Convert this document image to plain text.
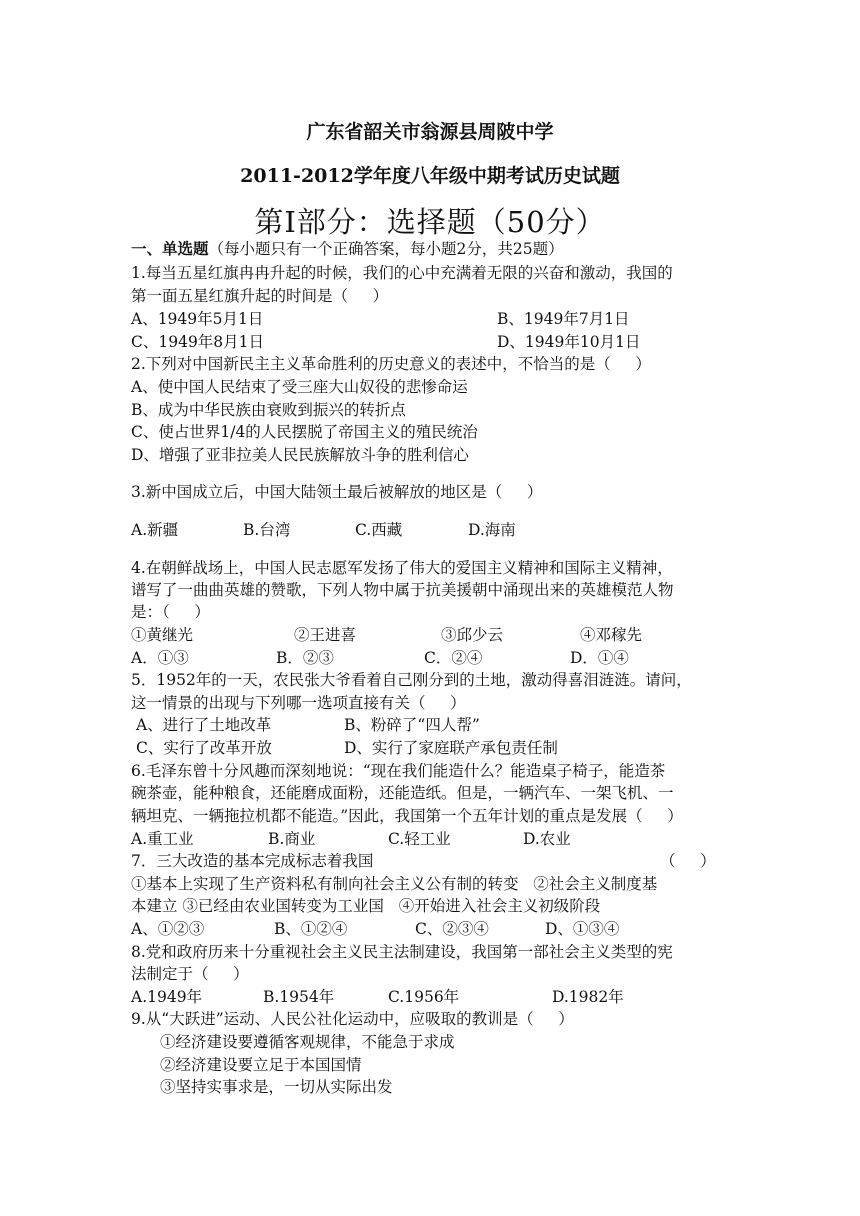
广东省韶关市翁源县周陂中学
2011-2012学年度八年级中期考试历史试题
第Ⅰ部分：选择题（50分）
一、单选题（每小题只有一个正确答案，每小题2分，共25题）
1.每当五星红旗冉冉升起的时候，我们的心中充满着无限的兴奋和激动，我国的
第一面五星红旗升起的时间是（     ）
A、1949年5月1日	B、1949年7月1日
C、1949年8月1日	D、1949年10月1日
2.下列对中国新民主主义革命胜利的历史意义的表述中，不恰当的是（     ）
A、使中国人民结束了受三座大山奴役的悲惨命运
B、成为中华民族由衰败到振兴的转折点
C、使占世界1/4的人民摆脱了帝国主义的殖民统治
D、增强了亚非拉美人民民族解放斗争的胜利信心
3.新中国成立后，中国大陆领土最后被解放的地区是（     ）
A.新疆	B.台湾	C.西藏	D.海南
4.在朝鲜战场上，中国人民志愿军发扬了伟大的爱国主义精神和国际主义精神，
谱写了一曲曲英雄的赞歌，下列人物中属于抗美援朝中涌现出来的英雄模范人物
是：（     ）
①黄继光	②王进喜	③邱少云	④邓稼先
A．①③	B．②③	C．②④	D．①④
5．1952年的一天，农民张大爷看着自己刚分到的土地，激动得喜泪涟涟。请问，
这一情景的出现与下列哪一选项直接有关（     ）
A、进行了土地改革	B、粉碎了“四人帮”
C、实行了改革开放	D、实行了家庭联产承包责任制
6.毛泽东曾十分风趣而深刻地说：“现在我们能造什么？能造桌子椅子，能造茶
碗茶壶，能种粮食，还能磨成面粉，还能造纸。但是，一辆汽车、一架飞机、一
辆坦克、一辆拖拉机都不能造。”因此，我国第一个五年计划的重点是发展（     ）
A.重工业	B.商业	C.轻工业	D.农业
7．三大改造的基本完成标志着我国	（     ）
①基本上实现了生产资料私有制向社会主义公有制的转变   ②社会主义制度基
本建立 ③已经由农业国转变为工业国   ④开始进入社会主义初级阶段
A、①②③	B、①②④	C、②③④	D、①③④
8.党和政府历来十分重视社会主义民主法制建设，我国第一部社会主义类型的宪
法制定于（     ）
A.1949年	B.1954年	C.1956年	D.1982年
9.从“大跃进”运动、人民公社化运动中，应吸取的教训是（     ）
①经济建设要遵循客观规律，不能急于求成
②经济建设要立足于本国国情
③坚持实事求是，一切从实际出发
